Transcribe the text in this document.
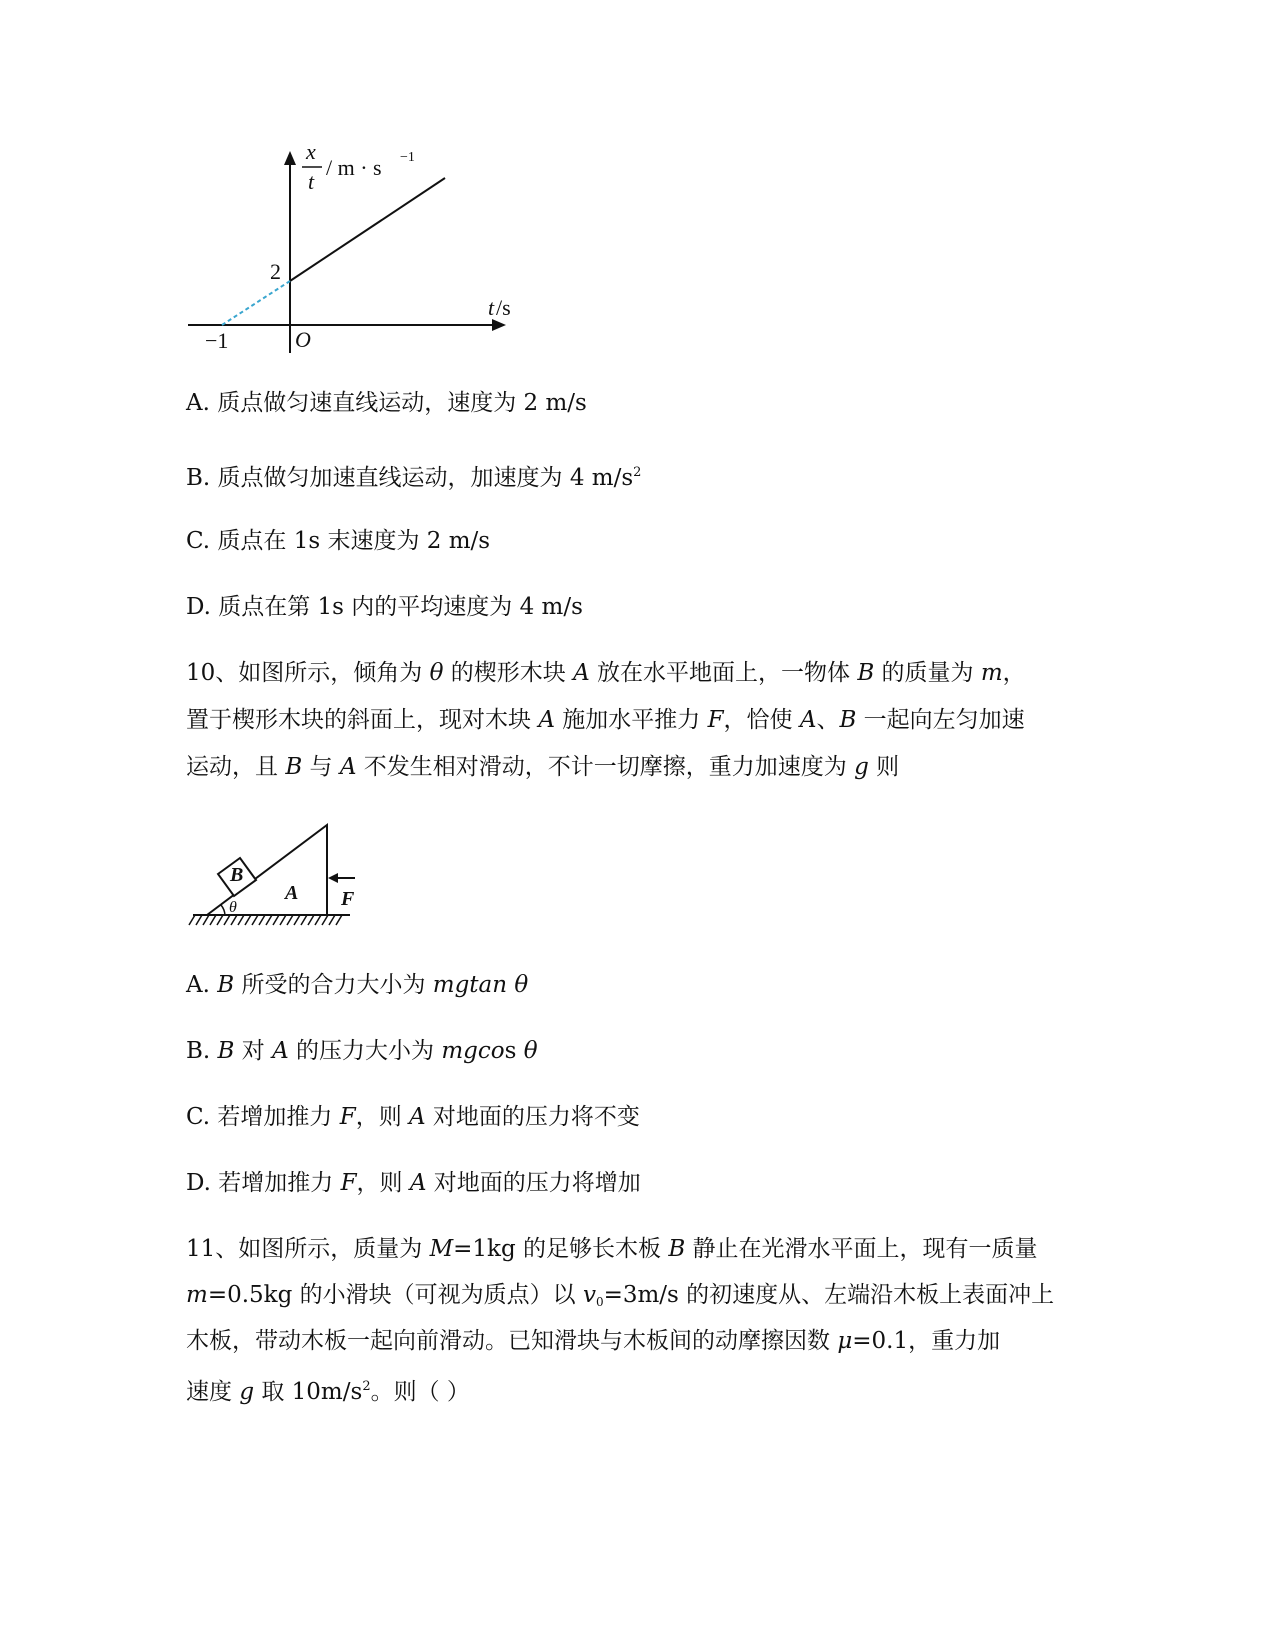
x
t
/ m · s −1
2
t /s
O
−1
A. 质点做匀速直线运动，速度为 2 m/s
B. 质点做匀加速直线运动，加速度为 4 $m/s^2$
C. 质点在 1s 末速度为 2 m/s
D. 质点在第 1s 内的平均速度为 4 m/s
10、如图所示，倾角为 θ 的楔形木块 A 放在水平地面上，一物体 B 的质量为 m，
置于楔形木块的斜面上，现对木块 A 施加水平推力 F，恰使 A、B 一起向左匀加速
运动，且 B 与 A 不发生相对滑动，不计一切摩擦，重力加速度为 g 则
B
A
θ	F
A. B 所受的合力大小为 mgtan θ
B. B 对 A 的压力大小为 mgcos θ
C. 若增加推力 F，则 A 对地面的压力将不变
D. 若增加推力 F，则 A 对地面的压力将增加
11、如图所示，质量为 M=1kg 的足够长木板 B 静止在光滑水平面上，现有一质量
m=0.5kg 的小滑块（可视为质点）以 $v_0=3m/s$ 的初速度从、左端沿木板上表面冲上
木板，带动木板一起向前滑动。已知滑块与木板间的动摩擦因数 μ=0.1，重力加
速度 g 取 $10m/s^2$。则（ ）
